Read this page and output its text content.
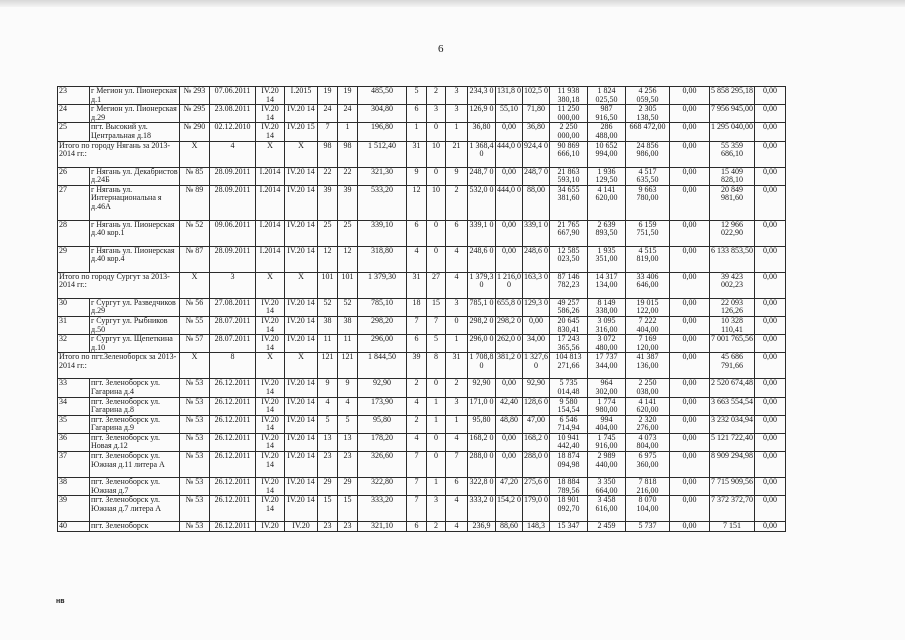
6
23	г Мегион ул. Пионерская д.1	№ 293	07.06.2011	IV.20 14	I.2015	19	19	485,50	5	2	3	234,3 0	131,8 0	102,5 0	11 938 380,18	1 824 025,50	4 256 059,50	0,00	5 858 295,18	0,00
24	г Мегион ул. Пионерская д.29	№ 295	23.08.2011	IV.20 14	IV.20 14	24	24	304,80	6	3	3	126,9 0	55,10	71,80	11 250 000,00	987 916,50	2 305 138,50	0,00	7 956 945,00	0,00
25	пгт. Высокий ул. Центральная д.18	№ 290	02.12.2010	IV.20 14	IV.20 15	7	1	196,80	1	0	1	36,80	0,00	36,80	2 250 000,00	286 488,00	668 472,00	0,00	1 295 040,00	0,00
Итого по городу Нягань за 2013-2014 гг.:		X	4	X	X	98	98	1 512,40	31	10	21	1 368,4 0	444,0 0	924,4 0	90 869 666,10	10 652 994,00	24 856 986,00	0,00	55 359 686,10	0,00
26	г Нягань ул. Декабристов д.24Б	№ 85	28.09.2011	I.2014	IV.20 14	22	22	321,30	9	0	9	248,7 0	0,00	248,7 0	21 863 593,10	1 936 129,50	4 517 635,50	0,00	15 409 828,10	0,00
27	г Нягань ул. Интернациональна я д.46А	№ 89	28.09.2011	I.2014	IV.20 14	39	39	533,20	12	10	2	532,0 0	444,0 0	88,00	34 655 381,60	4 141 620,00	9 663 780,00	0,00	20 849 981,60	0,00
28	г Нягань ул. Пионерская д.40 кор.1	№ 52	09.06.2011	I.2014	IV.20 14	25	25	339,10	6	0	6	339,1 0	0,00	339,1 0	21 765 667,90	2 639 893,50	6 159 751,50	0,00	12 966 022,90	0,00
29	г Нягань ул. Пионерская д.40 кор.4	№ 87	28.09.2011	I.2014	IV.20 14	12	12	318,80	4	0	4	248,6 0	0,00	248,6 0	12 585 023,50	1 935 351,00	4 515 819,00	0,00	6 133 853,50	0,00
Итого по городу Сургут за 2013-2014 гг.:		X	3	X	X	101	101	1 379,30	31	27	4	1 379,3 0	1 216,0 0	163,3 0	87 146 782,23	14 317 134,00	33 406 646,00	0,00	39 423 002,23	0,00
30	г Сургут ул. Разведчиков д.29	№ 56	27.08.2011	IV.20 14	IV.20 14	52	52	785,10	18	15	3	785,1 0	655,8 0	129,3 0	49 257 586,26	8 149 338,00	19 015 122,00	0,00	22 093 126,26	0,00
31	г Сургут ул. Рыбников д.50	№ 55	28.07.2011	IV.20 14	IV.20 14	38	38	298,20	7	7	0	298,2 0	298,2 0	0,00	20 645 830,41	3 095 316,00	7 222 404,00	0,00	10 328 110,41	0,00
32	г Сургут ул. Щепеткина д.10	№ 57	28.07.2011	IV.20 14	IV.20 14	11	11	296,00	6	5	1	296,0 0	262,0 0	34,00	17 243 365,56	3 072 480,00	7 169 120,00	0,00	7 001 765,56	0,00
Итого по пгт.Зеленоборск за 2013-2014 гг.:		X	8	X	X	121	121	1 844,50	39	8	31	1 708,8 0	381,2 0	1 327,6 0	104 813 271,66	17 737 344,00	41 387 136,00	0,00	45 686 791,66	0,00
33	пгт. Зеленоборск ул. Гагарина д.4	№ 53	26.12.2011	IV.20 14	IV.20 14	9	9	92,90	2	0	2	92,90	0,00	92,90	5 735 014,48	964 302,00	2 250 038,00	0,00	2 520 674,48	0,00
34	пгт. Зеленоборск ул. Гагарина д.8	№ 53	26.12.2011	IV.20 14	IV.20 14	4	4	173,90	4	1	3	171,0 0	42,40	128,6 0	9 580 154,54	1 774 980,00	4 141 620,00	0,00	3 663 554,54	0,00
35	пгт. Зеленоборск ул. Гагарина д.9	№ 53	26.12.2011	IV.20 14	IV.20 14	5	5	95,80	2	1	1	95,80	48,80	47,00	6 546 714,94	994 404,00	2 320 276,00	0,00	3 232 034,94	0,00
36	пгт. Зеленоборск ул. Новая д.12	№ 53	26.12.2011	IV.20 14	IV.20 14	13	13	178,20	4	0	4	168,2 0	0,00	168,2 0	10 941 442,40	1 745 916,00	4 073 804,00	0,00	5 121 722,40	0,00
37	пгт. Зеленоборск ул. Южная д.11 литера А	№ 53	26.12.2011	IV.20 14	IV.20 14	23	23	326,60	7	0	7	288,0 0	0,00	288,0 0	18 874 094,98	2 989 440,00	6 975 360,00	0,00	8 909 294,98	0,00
38	пгт. Зеленоборск ул. Южная д.7	№ 53	26.12.2011	IV.20 14	IV.20 14	29	29	322,80	7	1	6	322,8 0	47,20	275,6 0	18 884 789,56	3 350 664,00	7 818 216,00	0,00	7 715 909,56	0,00
39	пгт. Зеленоборск ул. Южная д.7 литера А	№ 53	26.12.2011	IV.20 14	IV.20 14	15	15	333,20	7	3	4	333,2 0	154,2 0	179,0 0	18 901 092,70	3 458 616,00	8 070 104,00	0,00	7 372 372,70	0,00
40	пгт. Зеленоборск	№ 53	26.12.2011	IV.20	IV.20	23	23	321,10	6	2	4	236,9	88,60	148,3	15 347	2 459	5 737	0,00	7 151	0,00
нв
